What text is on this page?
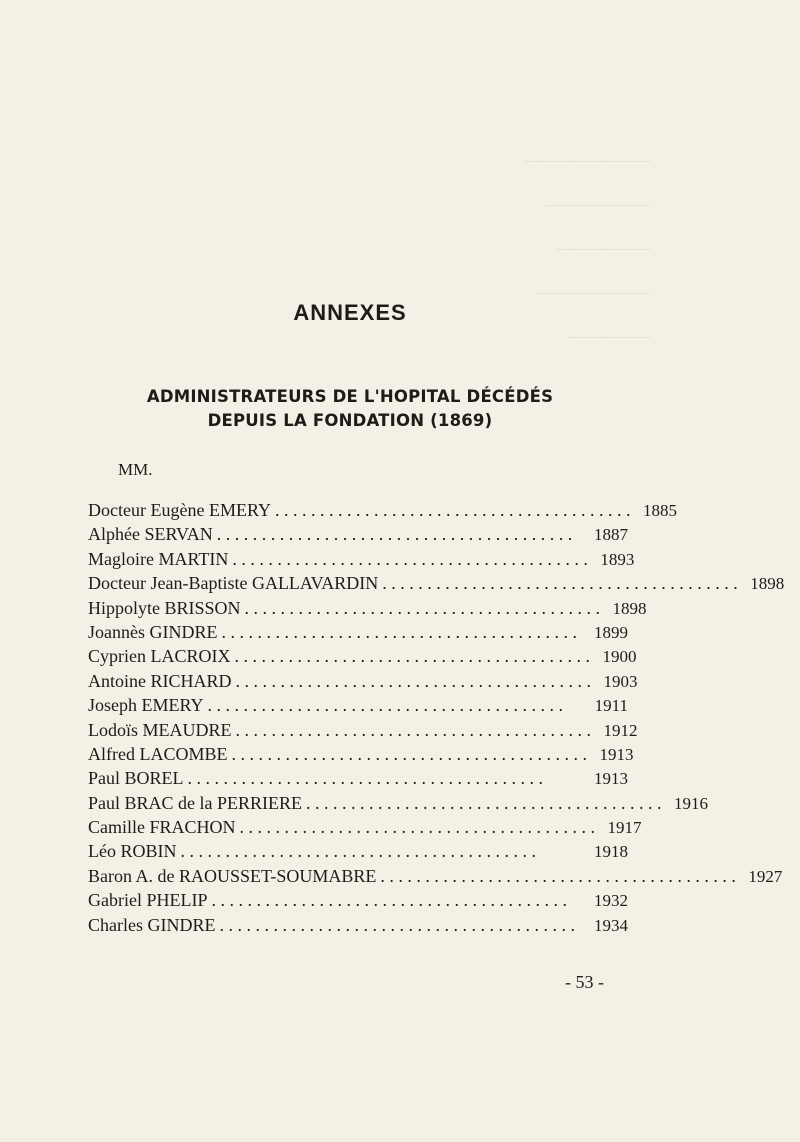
⎯⎯⎯⎯⎯⎯⎯⎯⎯⎯⎯⎯
⎯⎯⎯⎯⎯⎯⎯⎯⎯⎯
⎯⎯⎯⎯⎯⎯⎯⎯⎯
⎯⎯⎯⎯⎯⎯⎯⎯⎯⎯⎯
⎯⎯⎯⎯⎯⎯⎯⎯
ANNEXES
ADMINISTRATEURS DE L'HOPITAL DÉCÉDÉS
DEPUIS LA FONDATION (1869)
MM.
Docteur Eugène EMERY ........................................ 1885
Alphée SERVAN ........................................	1887
Magloire MARTIN ........................................ 1893
Docteur Jean-Baptiste GALLAVARDIN ........................................ 1898
Hippolyte BRISSON ........................................ 1898
Joannès GINDRE ........................................ 1899
Cyprien LACROIX ........................................ 1900
Antoine RICHARD ........................................ 1903
Joseph EMERY ........................................	1911
Lodoïs MEAUDRE ........................................ 1912
Alfred LACOMBE ........................................ 1913
Paul BOREL ........................................	1913
Paul BRAC de la PERRIERE ........................................ 1916
Camille FRACHON ........................................ 1917
Léo ROBIN ........................................	1918
Baron A. de RAOUSSET-SOUMABRE ........................................ 1927
Gabriel PHELIP ........................................	1932
Charles GINDRE ........................................ 1934
- 53 -
